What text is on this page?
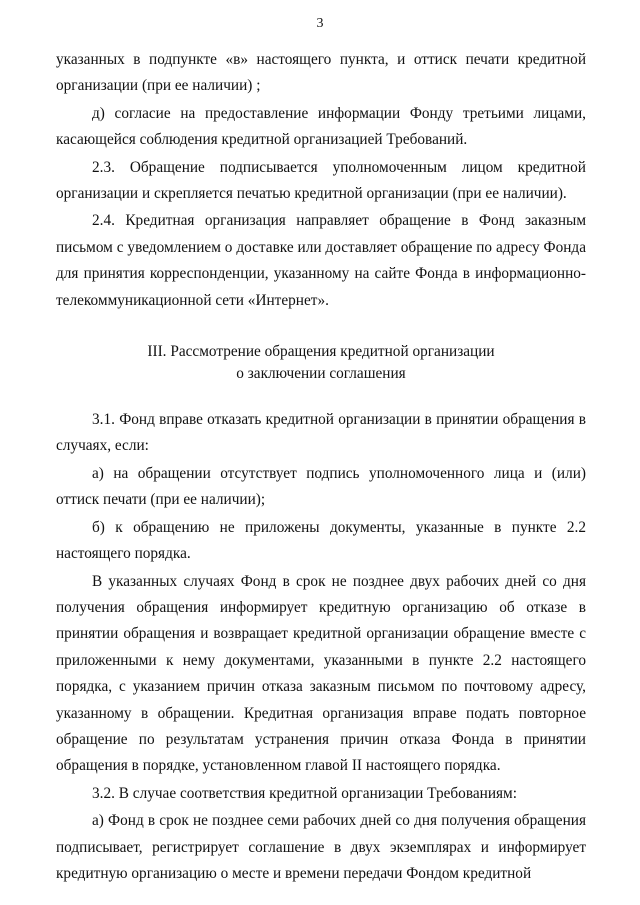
3

указанных в подпункте «в» настоящего пункта, и оттиск печати кредитной организации (при ее наличии) ;

д) согласие на предоставление информации Фонду третьими лицами, касающейся соблюдения кредитной организацией Требований.

2.3. Обращение подписывается уполномоченным лицом кредитной организации и скрепляется печатью кредитной организации (при ее наличии).

2.4. Кредитная организация направляет обращение в Фонд заказным письмом с уведомлением о доставке или доставляет обращение по адресу Фонда для принятия корреспонденции, указанному на сайте Фонда в информационно-телекоммуникационной сети «Интернет».

III. Рассмотрение обращения кредитной организации
о заключении соглашения

3.1. Фонд вправе отказать кредитной организации в принятии обращения в случаях, если:

а) на обращении отсутствует подпись уполномоченного лица и (или) оттиск печати (при ее наличии);

б) к обращению не приложены документы, указанные в пункте 2.2 настоящего порядка.

В указанных случаях Фонд в срок не позднее двух рабочих дней со дня получения обращения информирует кредитную организацию об отказе в принятии обращения и возвращает кредитной организации обращение вместе с приложенными к нему документами, указанными в пункте 2.2 настоящего порядка, с указанием причин отказа заказным письмом по почтовому адресу, указанному в обращении. Кредитная организация вправе подать повторное обращение по результатам устранения причин отказа Фонда в принятии обращения в порядке, установленном главой II настоящего порядка.

3.2. В случае соответствия кредитной организации Требованиям:

а) Фонд в срок не позднее семи рабочих дней со дня получения обращения подписывает, регистрирует соглашение в двух экземплярах и информирует кредитную организацию о месте и времени передачи Фондом кредитной
